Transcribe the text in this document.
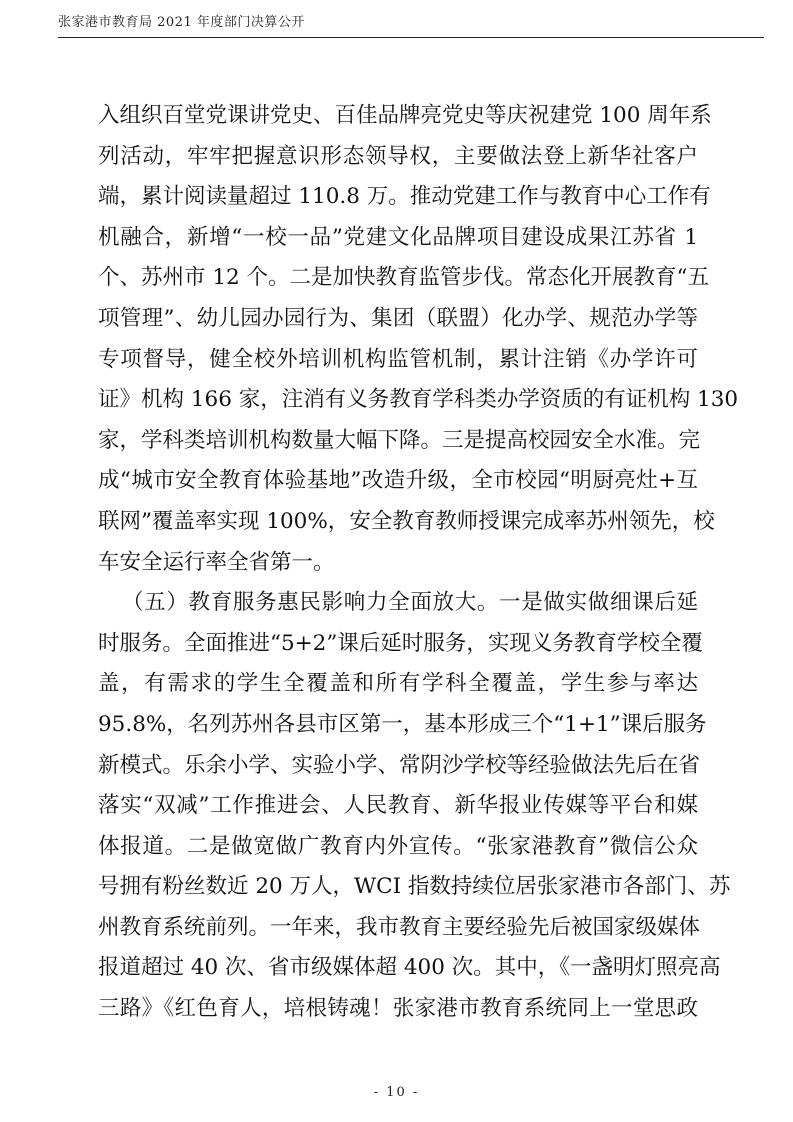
张家港市教育局 2021 年度部门决算公开
入组织百堂党课讲党史、百佳品牌亮党史等庆祝建党 100 周年系
列活动，牢牢把握意识形态领导权，主要做法登上新华社客户
端，累计阅读量超过 110.8 万。推动党建工作与教育中心工作有
机融合，新增“一校一品”党建文化品牌项目建设成果江苏省 1
个、苏州市 12 个。二是加快教育监管步伐。常态化开展教育“五
项管理”、幼儿园办园行为、集团（联盟）化办学、规范办学等
专项督导，健全校外培训机构监管机制，累计注销《办学许可
证》机构 166 家，注消有义务教育学科类办学资质的有证机构 130
家，学科类培训机构数量大幅下降。三是提高校园安全水准。完
成“城市安全教育体验基地”改造升级，全市校园“明厨亮灶+互
联网”覆盖率实现 100%，安全教育教师授课完成率苏州领先，校
车安全运行率全省第一。
（五）教育服务惠民影响力全面放大。一是做实做细课后延
时服务。全面推进“5+2”课后延时服务，实现义务教育学校全覆
盖，有需求的学生全覆盖和所有学科全覆盖，学生参与率达
95.8%，名列苏州各县市区第一，基本形成三个“1+1”课后服务
新模式。乐余小学、实验小学、常阴沙学校等经验做法先后在省
落实“双减”工作推进会、人民教育、新华报业传媒等平台和媒
体报道。二是做宽做广教育内外宣传。“张家港教育”微信公众
号拥有粉丝数近 20 万人，WCI 指数持续位居张家港市各部门、苏
州教育系统前列。一年来，我市教育主要经验先后被国家级媒体
报道超过 40 次、省市级媒体超 400 次。其中，《一盏明灯照亮高
三路》《红色育人，培根铸魂！张家港市教育系统同上一堂思政
- 10 -
